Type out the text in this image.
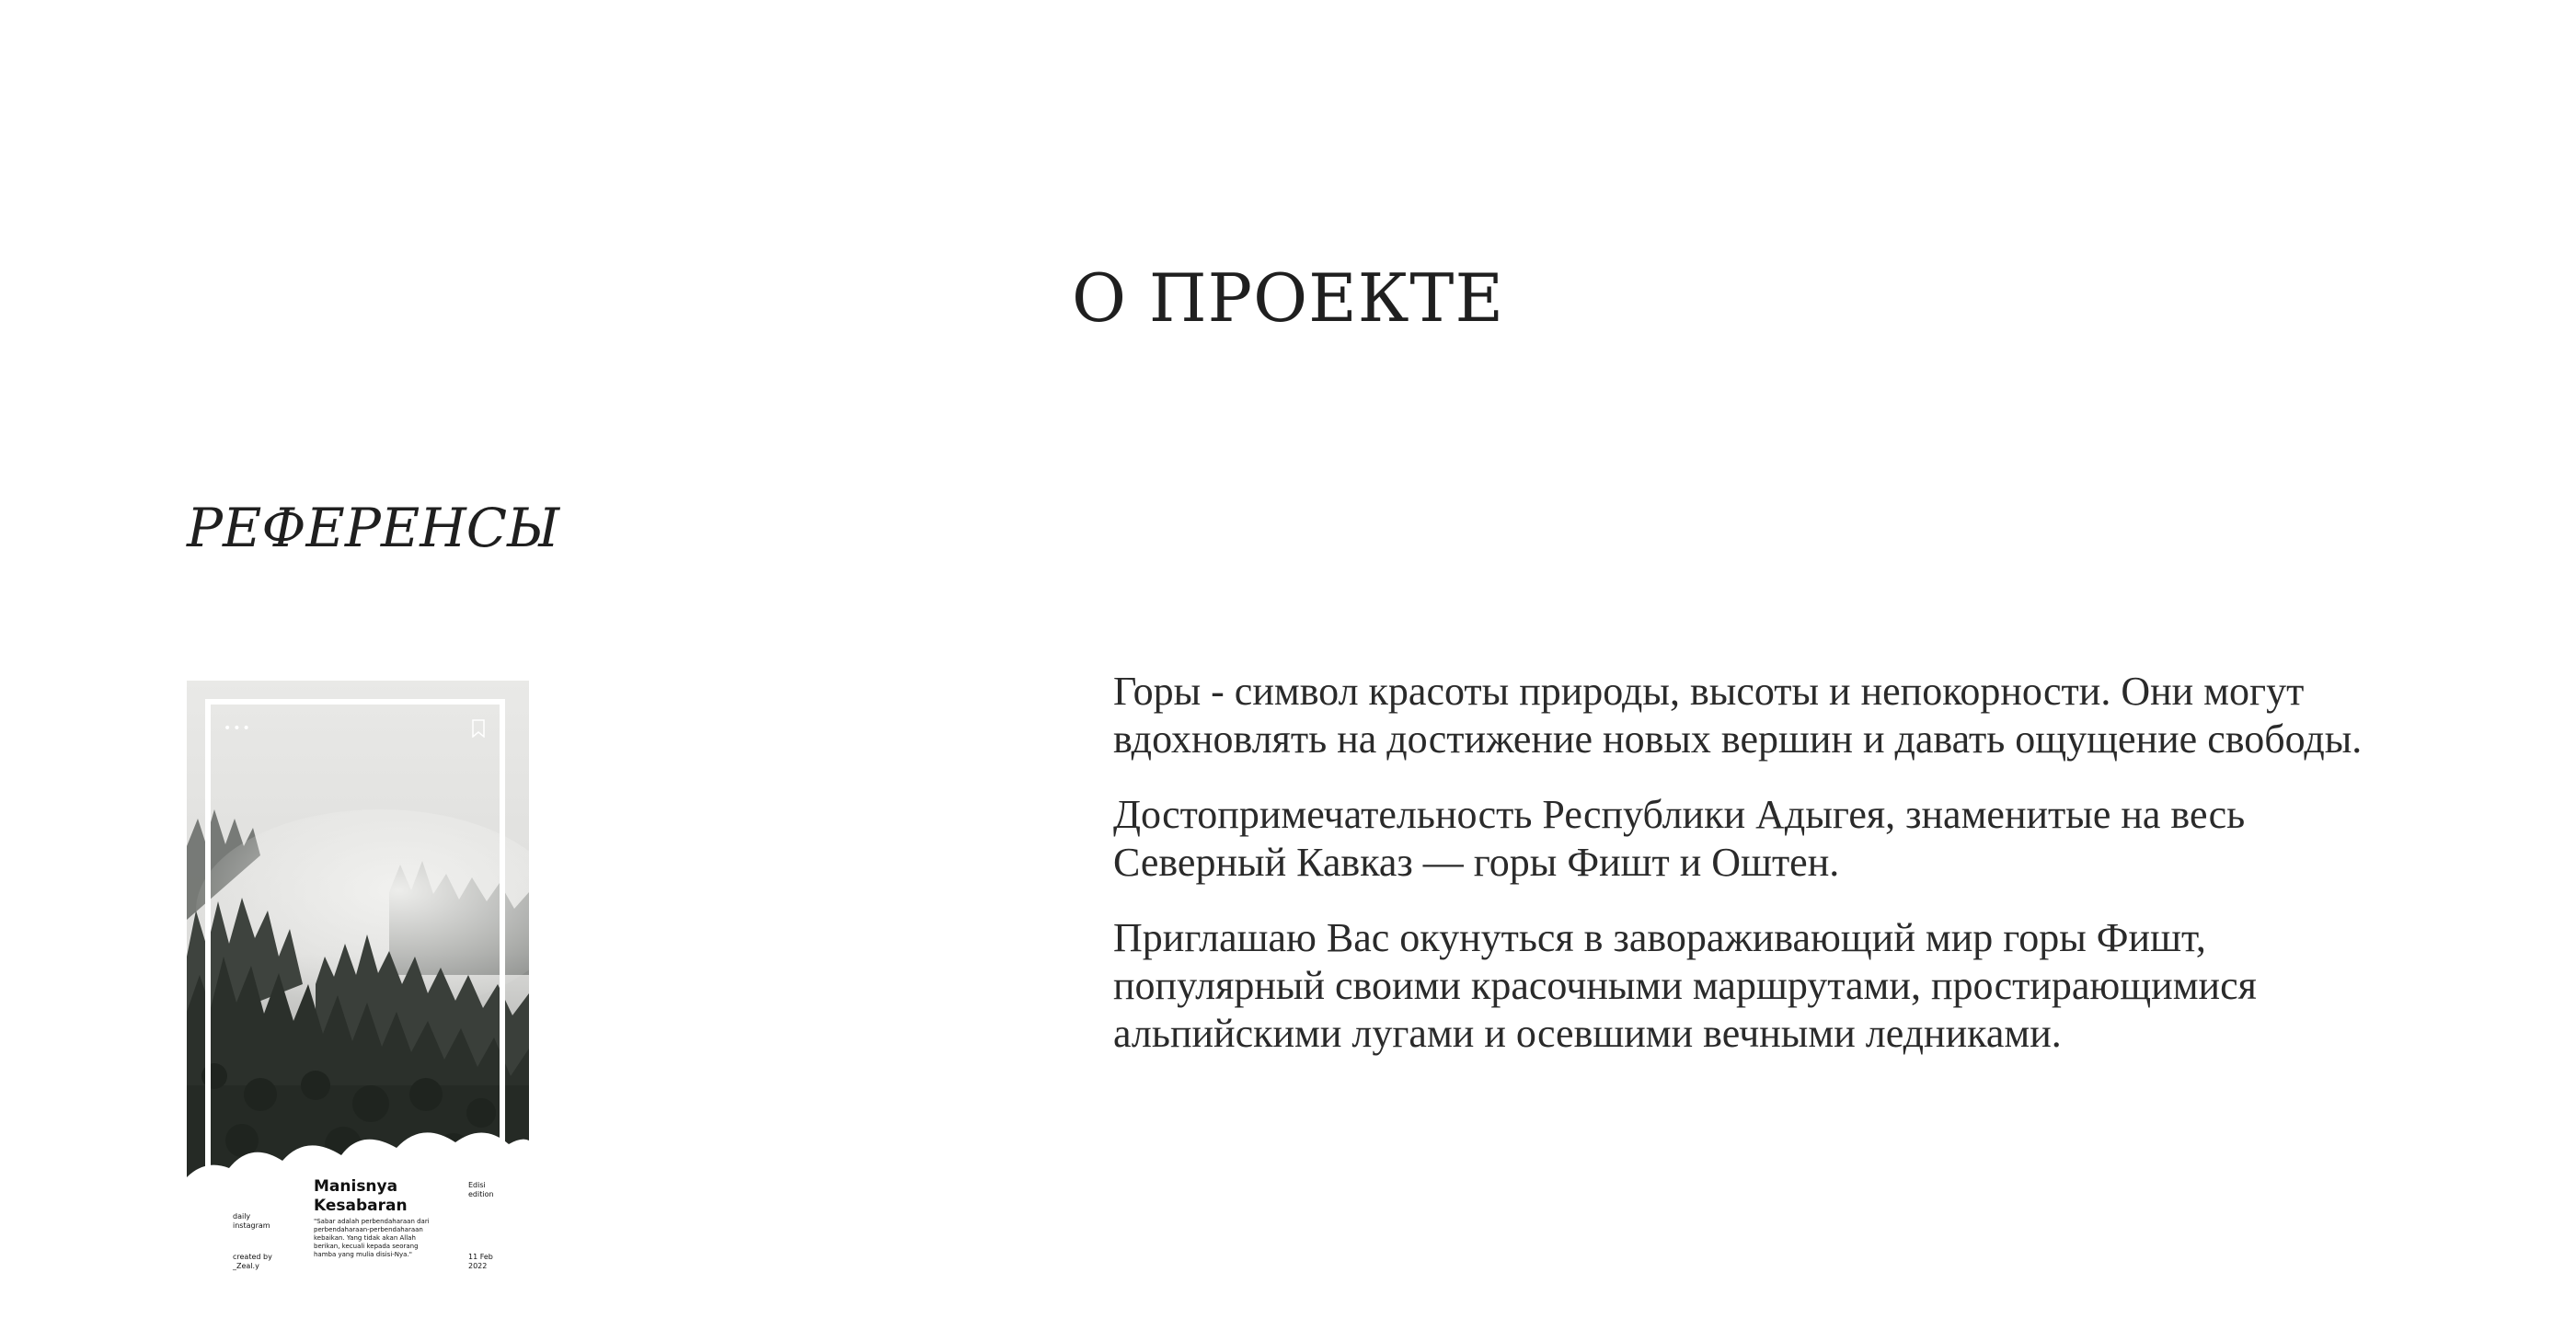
О ПРОЕКТЕ
РЕФЕРЕНСЫ
•••
Manisnya
Kesabaran
Edisi
edition
daily
instagram	"Sabar adalah perbendaharaan dari perbendaharaan-perbendaharaan kebaikan. Yang tidak akan Allah berikan, kecuali kepada seorang hamba yang mulia disisi-Nya."
created by
_Zeal.y
11 Feb
2022

Горы - символ красоты природы, высоты и непокорности. Они могут вдохновлять на достижение новых вершин и давать ощущение свободы.

Достопримечательность Республики Адыгея, знаменитые на весь Северный Кавказ — горы Фишт и Оштен.

Приглашаю Вас окунуться в завораживающий мир горы Фишт, популярный своими красочными маршрутами, простирающимися альпийскими лугами и осевшими вечными ледниками.
